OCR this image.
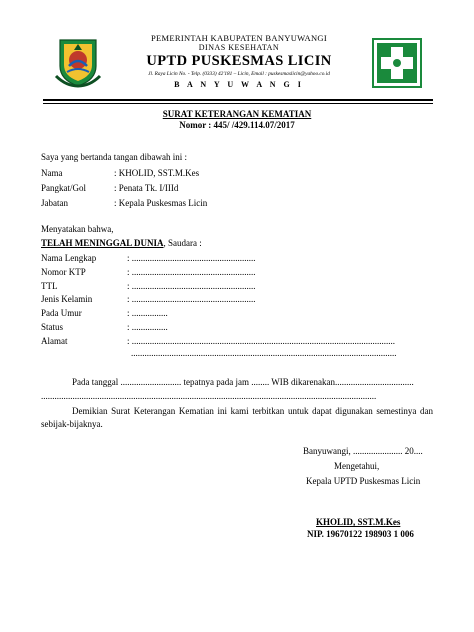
PEMERINTAH KABUPATEN BANYUWANGI
DINAS KESEHATAN
UPTD PUSKESMAS LICIN
Jl. Raya Licin No. - Telp. (0333) 42'181 – Licin, Email : puskesmaslicin@yahoo.co.id
B A N Y U W A N G I
SURAT KETERANGAN KEMATIAN
Nomor : 445/ /429.114.07/2017
Saya yang bertanda tangan dibawah ini :
Nama	: KHOLID, SST.M.Kes
Pangkat/Gol	: Penata Tk. I/IIId
Jabatan	: Kepala Puskesmas Licin
Menyatakan bahwa,
TELAH MENINGGAL DUNIA, Saudara :
Nama Lengkap	: .......................................................
Nomor KTP	: .......................................................
TTL	: .......................................................
Jenis Kelamin	: .......................................................
Pada Umur	: ................
Status	: ................
Alamat	: .....................................................................................................................
......................................................................................................................
Pada tanggal ........................... tepatnya pada jam ........ WIB dikarenakan...................................
.....................................................................................................................................................
Demikian Surat Keterangan Kematian ini kami terbitkan untuk dapat digunakan semestinya dan sebijak-bijaknya.
Banyuwangi, ...................... 20....
Mengetahui,
Kepala UPTD Puskesmas Licin
KHOLID, SST.M.Kes
NIP. 19670122 198903 1 006
